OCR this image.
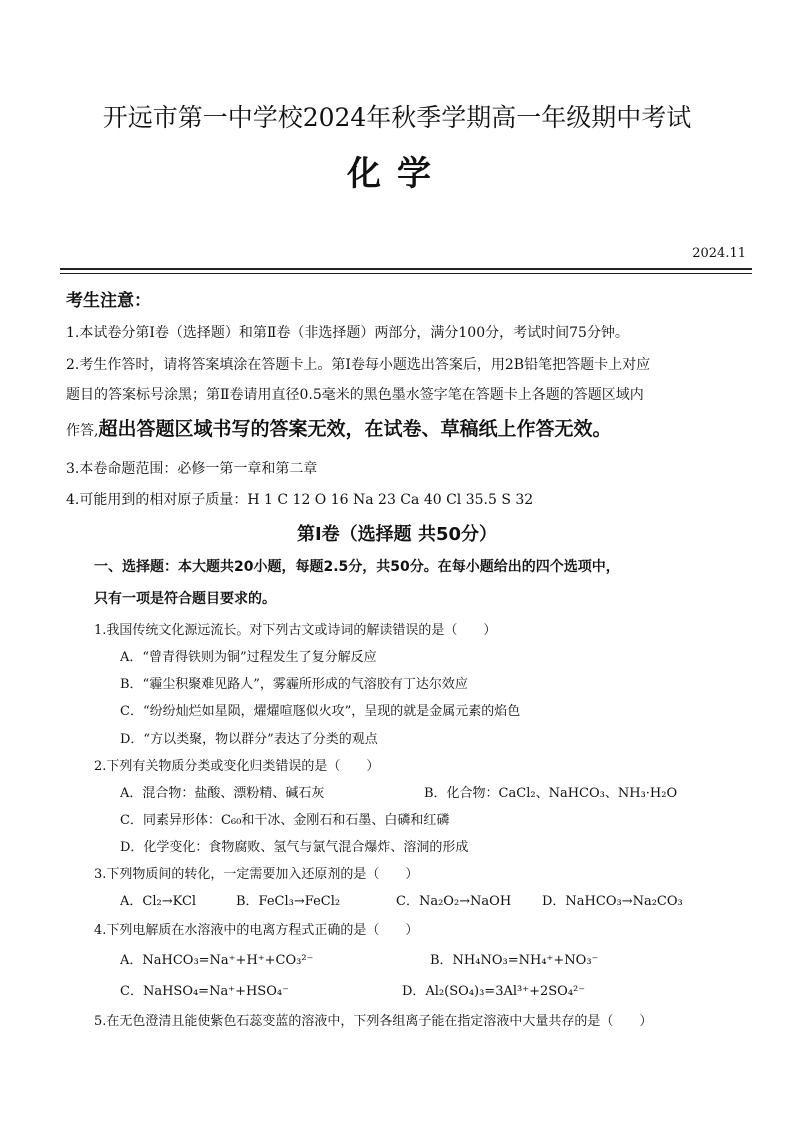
开远市第一中学校2024年秋季学期高一年级期中考试
化学
2024.11
考生注意：
1.本试卷分第Ⅰ卷（选择题）和第Ⅱ卷（非选择题）两部分，满分100分，考试时间75分钟。
2.考生作答时，请将答案填涂在答题卡上。第Ⅰ卷每小题选出答案后，用2B铅笔把答题卡上对应
题目的答案标号涂黑；第Ⅱ卷请用直径0.5毫米的黑色墨水签字笔在答题卡上各题的答题区域内
作答,超出答题区域书写的答案无效，在试卷、草稿纸上作答无效。
3.本卷命题范围：必修一第一章和第二章
4.可能用到的相对原子质量：H 1 C 12 O 16 Na 23 Ca 40 Cl 35.5 S 32
第Ⅰ卷（选择题 共50分）
一、选择题：本大题共20小题，每题2.5分，共50分。在每小题给出的四个选项中，
只有一项是符合题目要求的。
1.我国传统文化源远流长。对下列古文或诗词的解读错误的是（　　）
A．“曾青得铁则为铜”过程发生了复分解反应
B．“霾尘积聚难见路人”，雾霾所形成的气溶胶有丁达尔效应
C．“纷纷灿烂如星陨，燿燿喧豗似火攻”，呈现的就是金属元素的焰色
D．“方以类聚，物以群分”表达了分类的观点
2.下列有关物质分类或变化归类错误的是（　　）
A．混合物：盐酸、漂粉精、碱石灰	B．化合物：CaCl₂、NaHCO₃、NH₃·H₂O
C．同素异形体：C₆₀和干冰、金刚石和石墨、白磷和红磷
D．化学变化：食物腐败、氢气与氯气混合爆炸、溶洞的形成
3.下列物质间的转化，一定需要加入还原剂的是（　　）
A．Cl₂→KCl	B．FeCl₃→FeCl₂	C．Na₂O₂→NaOH D．NaHCO₃→Na₂CO₃
4.下列电解质在水溶液中的电离方程式正确的是（　　）
A．NaHCO₃=Na⁺+H⁺+CO₃²⁻	B．NH₄NO₃=NH₄⁺+NO₃⁻
C．NaHSO₄=Na⁺+HSO₄⁻	D．Al₂(SO₄)₃=3Al³⁺+2SO₄²⁻
5.在无色澄清且能使紫色石蕊变蓝的溶液中，下列各组离子能在指定溶液中大量共存的是（　　）
